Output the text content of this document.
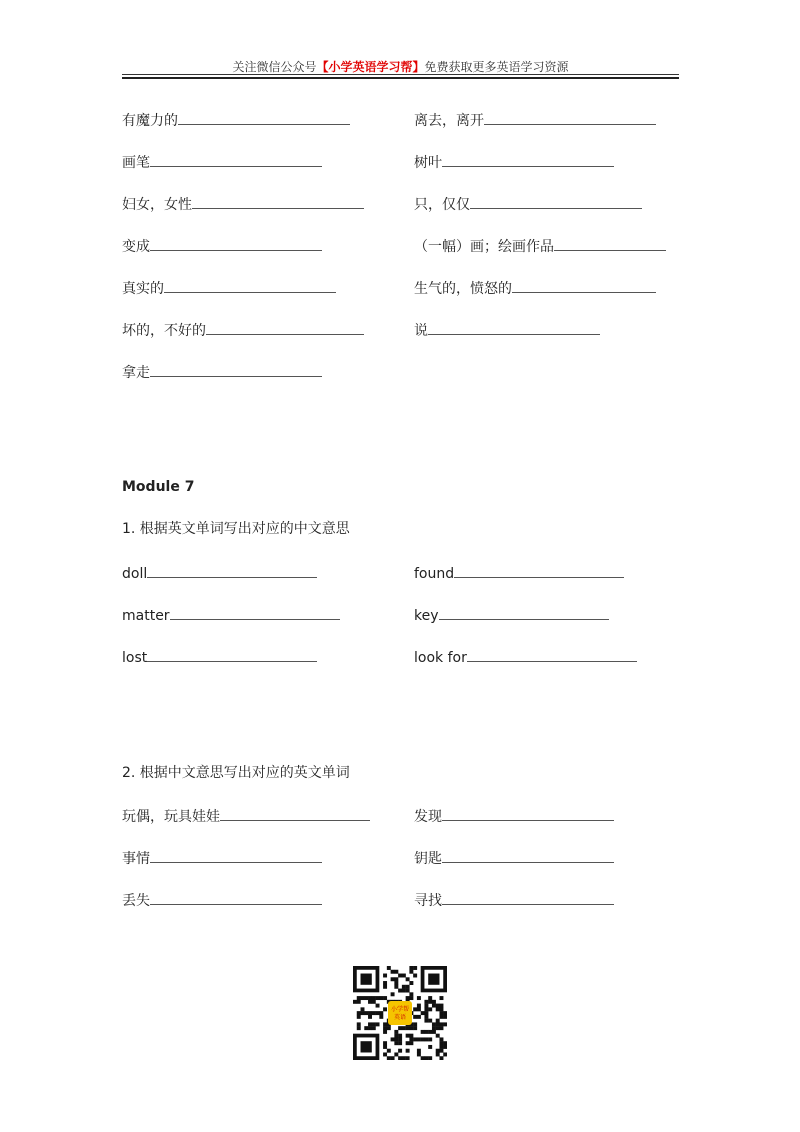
关注微信公众号【小学英语学习帮】免费获取更多英语学习资源
有魔力的	离去，离开
画笔	树叶
妇女，女性	只，仅仅
变成	（一幅）画；绘画作品
真实的	生气的，愤怒的
坏的，不好的	说
拿走
Module 7
1. 根据英文单词写出对应的中文意思
doll	found
matter	key
lost	look for
2. 根据中文意思写出对应的英文单词
玩偶，玩具娃娃	发现
事情	钥匙
丢失	寻找
小学帮
英语
